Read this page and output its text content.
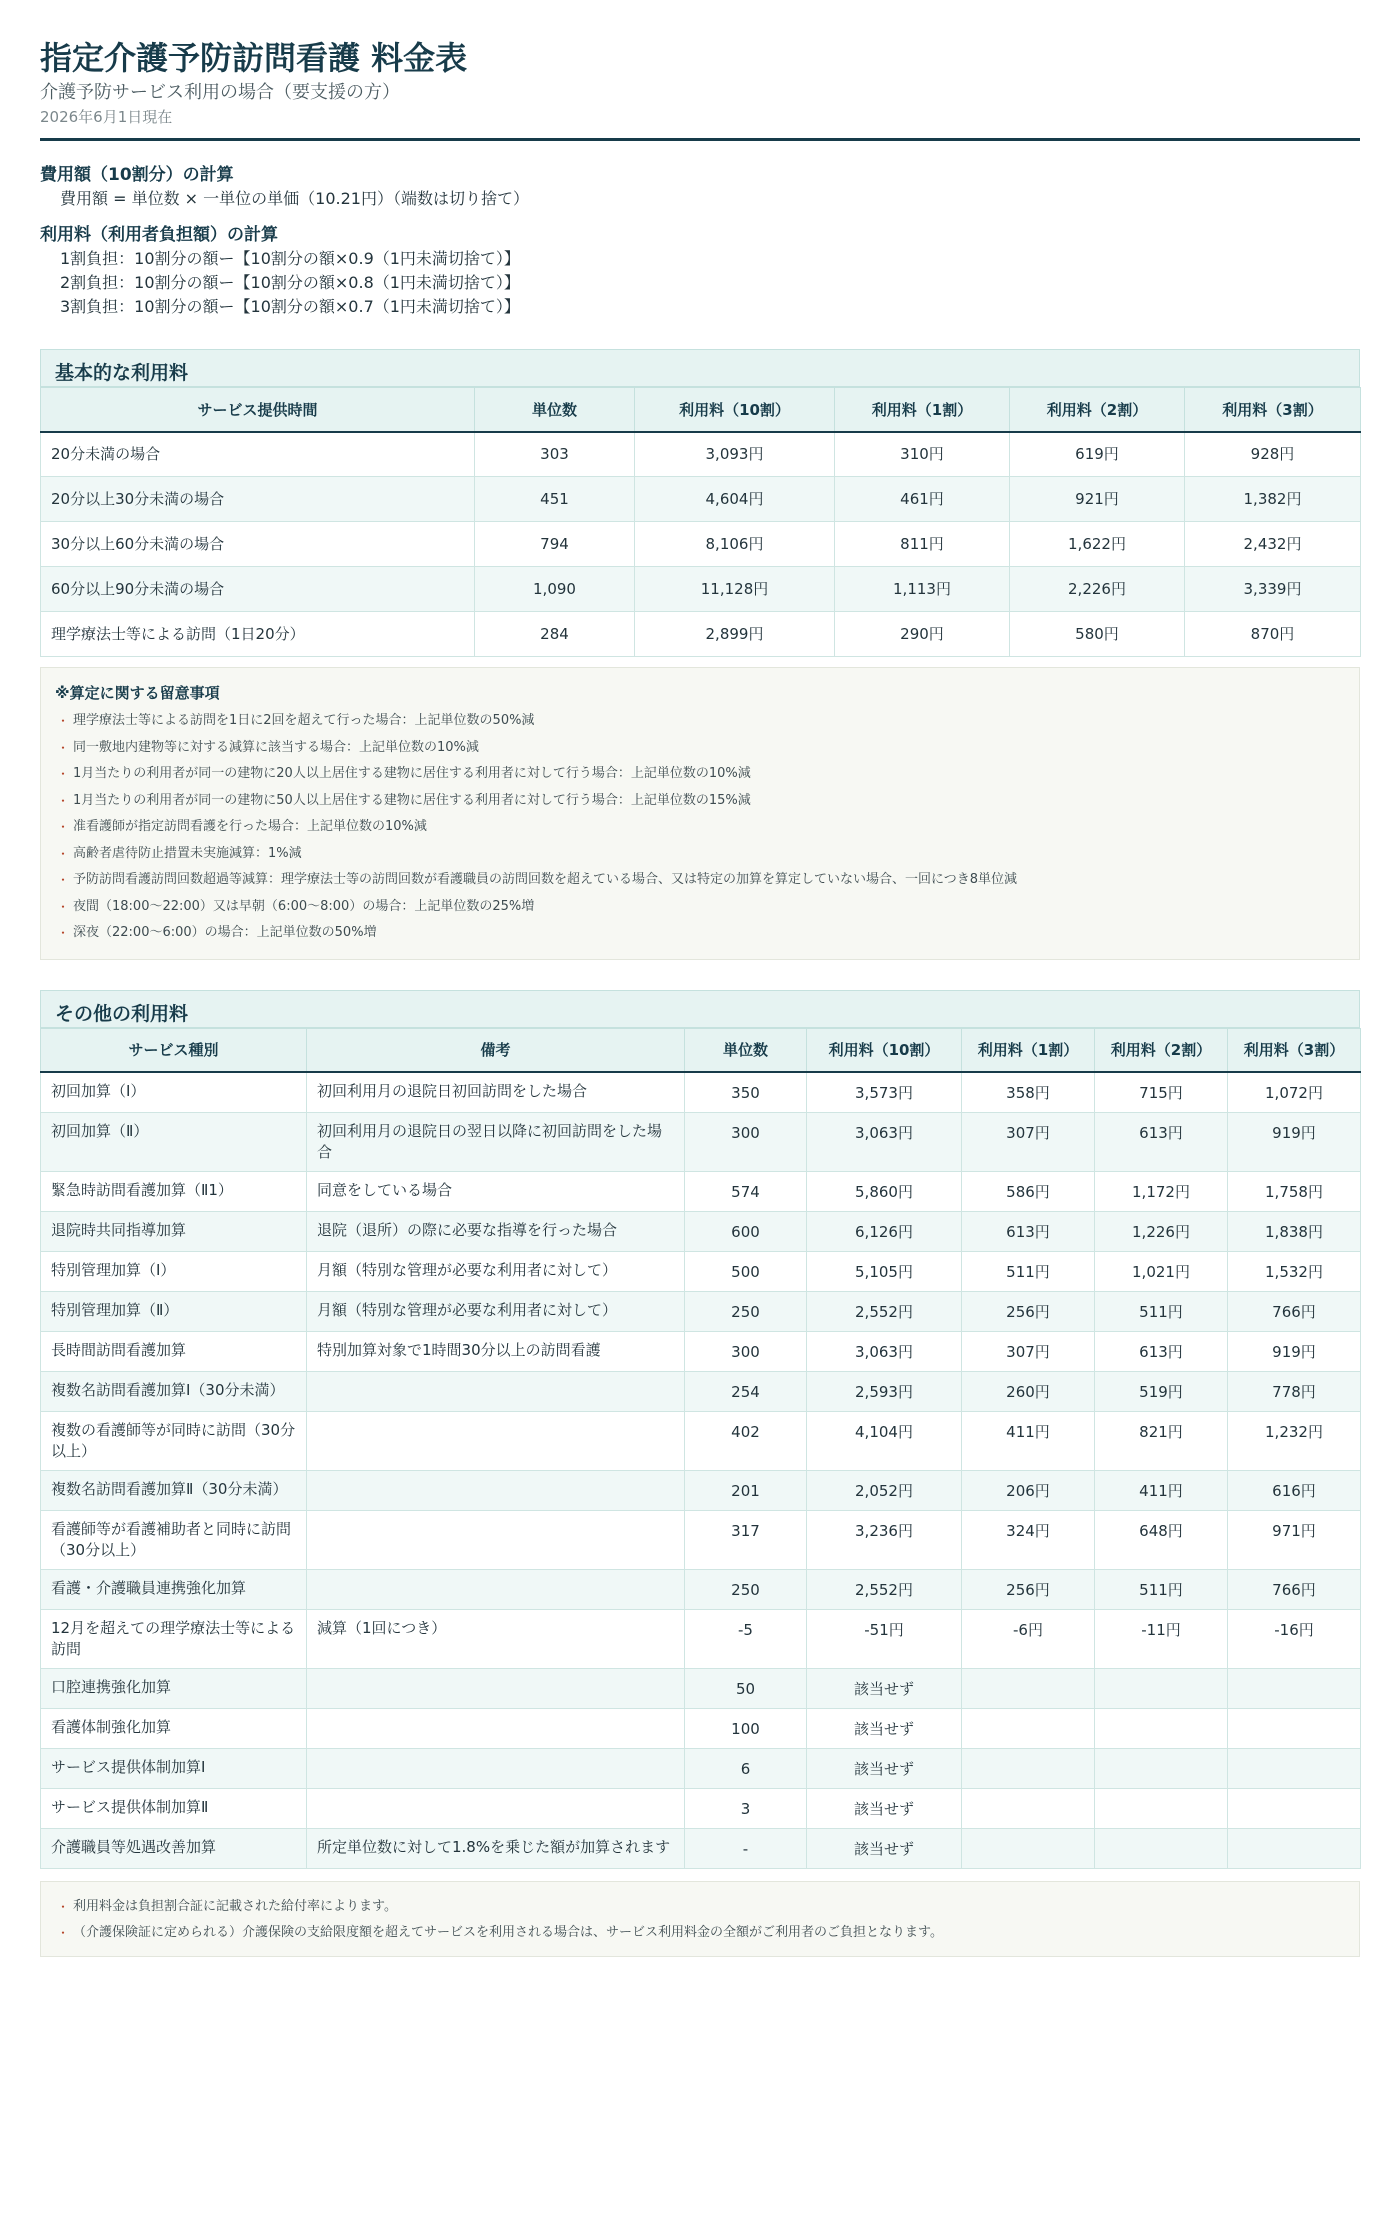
指定介護予防訪問看護 料金表
介護予防サービス利用の場合（要支援の方）
2026年6月1日現在
費用額（10割分）の計算
費用額 = 単位数 × 一単位の単価（10.21円）（端数は切り捨て）
利用料（利用者負担額）の計算
1割負担：10割分の額ー【10割分の額×0.9（1円未満切捨て）】
2割負担：10割分の額ー【10割分の額×0.8（1円未満切捨て）】
3割負担：10割分の額ー【10割分の額×0.7（1円未満切捨て）】
基本的な利用料
サービス提供時間	単位数	利用料（10割）	利用料（1割）	利用料（2割）	利用料（3割）
20分未満の場合	303	3,093円	310円	619円	928円
20分以上30分未満の場合	451	4,604円	461円	921円	1,382円
30分以上60分未満の場合	794	8,106円	811円	1,622円	2,432円
60分以上90分未満の場合	1,090	11,128円	1,113円	2,226円	3,339円
理学療法士等による訪問（1日20分）	284	2,899円	290円	580円	870円
※算定に関する留意事項
・ 理学療法士等による訪問を1日に2回を超えて行った場合：上記単位数の50%減
・ 同一敷地内建物等に対する減算に該当する場合：上記単位数の10%減
・ 1月当たりの利用者が同一の建物に20人以上居住する建物に居住する利用者に対して行う場合：上記単位数の10%減
・ 1月当たりの利用者が同一の建物に50人以上居住する建物に居住する利用者に対して行う場合：上記単位数の15%減
・ 准看護師が指定訪問看護を行った場合：上記単位数の10%減
・ 高齢者虐待防止措置未実施減算：1%減
・ 予防訪問看護訪問回数超過等減算：理学療法士等の訪問回数が看護職員の訪問回数を超えている場合、又は特定の加算を算定していない場合、一回につき8単位減
・ 夜間（18:00～22:00）又は早朝（6:00～8:00）の場合：上記単位数の25%増
・ 深夜（22:00～6:00）の場合：上記単位数の50%増
その他の利用料
サービス種別	備考	単位数	利用料（10割）	利用料（1割）	利用料（2割）	利用料（3割）
初回加算（Ⅰ）	初回利用月の退院日初回訪問をした場合	350	3,573円	358円	715円	1,072円
初回加算（Ⅱ）	初回利用月の退院日の翌日以降に初回訪問をした場合	300	3,063円	307円	613円	919円
緊急時訪問看護加算（Ⅱ1）	同意をしている場合	574	5,860円	586円	1,172円	1,758円
退院時共同指導加算	退院（退所）の際に必要な指導を行った場合	600	6,126円	613円	1,226円	1,838円
特別管理加算（Ⅰ）	月額（特別な管理が必要な利用者に対して）	500	5,105円	511円	1,021円	1,532円
特別管理加算（Ⅱ）	月額（特別な管理が必要な利用者に対して）	250	2,552円	256円	511円	766円
長時間訪問看護加算	特別加算対象で1時間30分以上の訪問看護	300	3,063円	307円	613円	919円
複数名訪問看護加算Ⅰ（30分未満）		254	2,593円	260円	519円	778円
複数の看護師等が同時に訪問（30分以上）		402	4,104円	411円	821円	1,232円
複数名訪問看護加算Ⅱ（30分未満）		201	2,052円	206円	411円	616円
看護師等が看護補助者と同時に訪問（30分以上）		317	3,236円	324円	648円	971円
看護・介護職員連携強化加算		250	2,552円	256円	511円	766円
12月を超えての理学療法士等による訪問	減算（1回につき）	-5	-51円	-6円	-11円	-16円
口腔連携強化加算		50	該当せず			
看護体制強化加算		100	該当せず			
サービス提供体制加算Ⅰ		6	該当せず			
サービス提供体制加算Ⅱ		3	該当せず			
介護職員等処遇改善加算	所定単位数に対して1.8%を乗じた額が加算されます	-	該当せず			
・ 利用料金は負担割合証に記載された給付率によります。
・ （介護保険証に定められる）介護保険の支給限度額を超えてサービスを利用される場合は、サービス利用料金の全額がご利用者のご負担となります。
